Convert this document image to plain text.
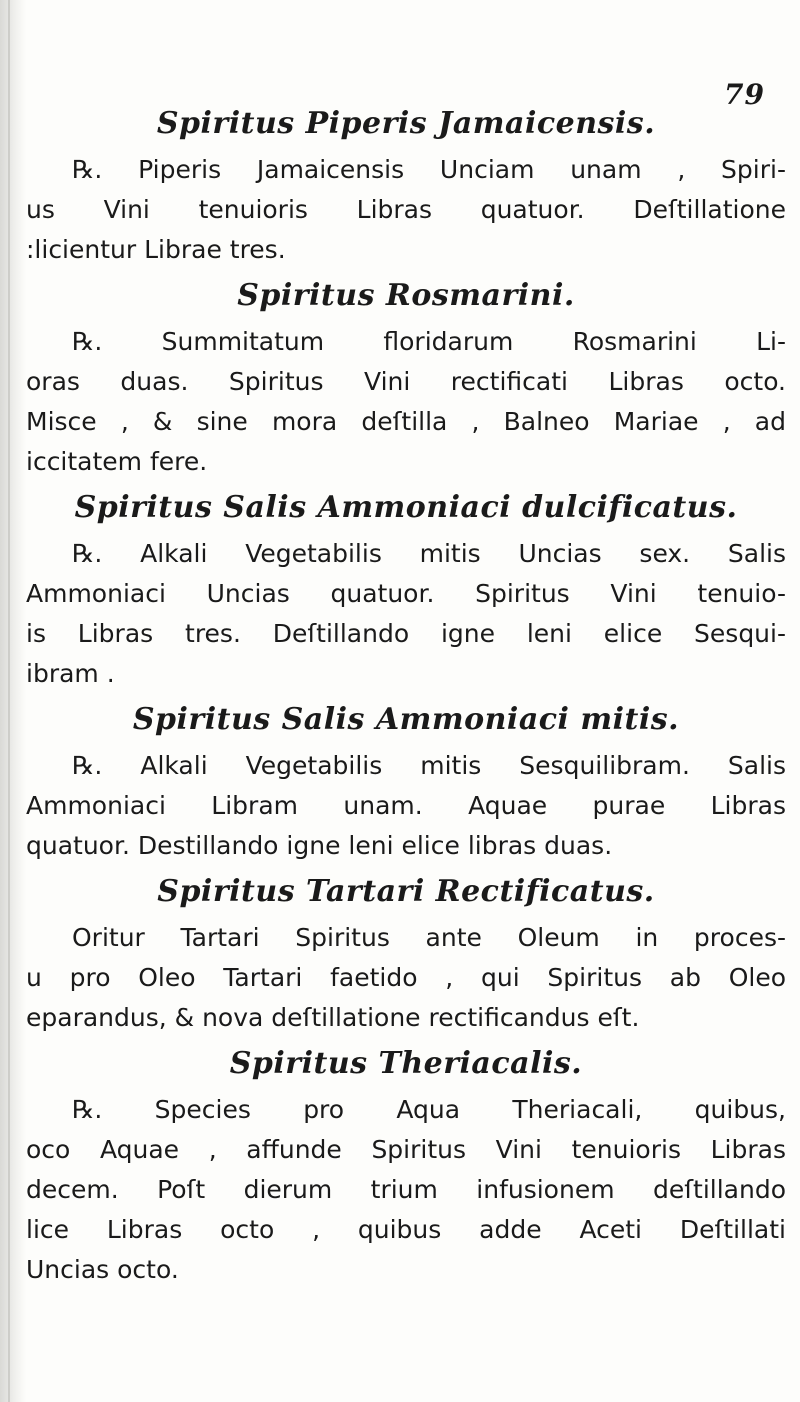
79
Spiritus Piperis Jamaicensis.
℞. Piperis Jamaicensis Unciam unam , Spiri-
us Vini tenuioris Libras quatuor. Deſtillatione
:licientur Librae tres.
Spiritus Rosmarini.
℞. Summitatum floridarum Rosmarini Li-
oras duas. Spiritus Vini rectificati Libras octo.
Misce , & sine mora deſtilla , Balneo Mariae , ad
iccitatem fere.
Spiritus Salis Ammoniaci dulcificatus.
℞. Alkali Vegetabilis mitis Uncias sex. Salis
Ammoniaci Uncias quatuor. Spiritus Vini tenuio-
is Libras tres. Deſtillando igne leni elice Sesqui-
ibram .
Spiritus Salis Ammoniaci mitis.
℞. Alkali Vegetabilis mitis Sesquilibram. Salis
Ammoniaci Libram unam. Aquae purae Libras
quatuor. Destillando igne leni elice libras duas.
Spiritus Tartari Rectificatus.
Oritur Tartari Spiritus ante Oleum in proces-
u pro Oleo Tartari faetido , qui Spiritus ab Oleo
eparandus, & nova deſtillatione rectificandus eſt.
Spiritus Theriacalis.
℞. Species pro Aqua Theriacali, quibus,
oco Aquae , affunde Spiritus Vini tenuioris Libras
decem. Poſt dierum trium infusionem deſtillando
lice Libras octo , quibus adde Aceti Deſtillati
Uncias octo.
